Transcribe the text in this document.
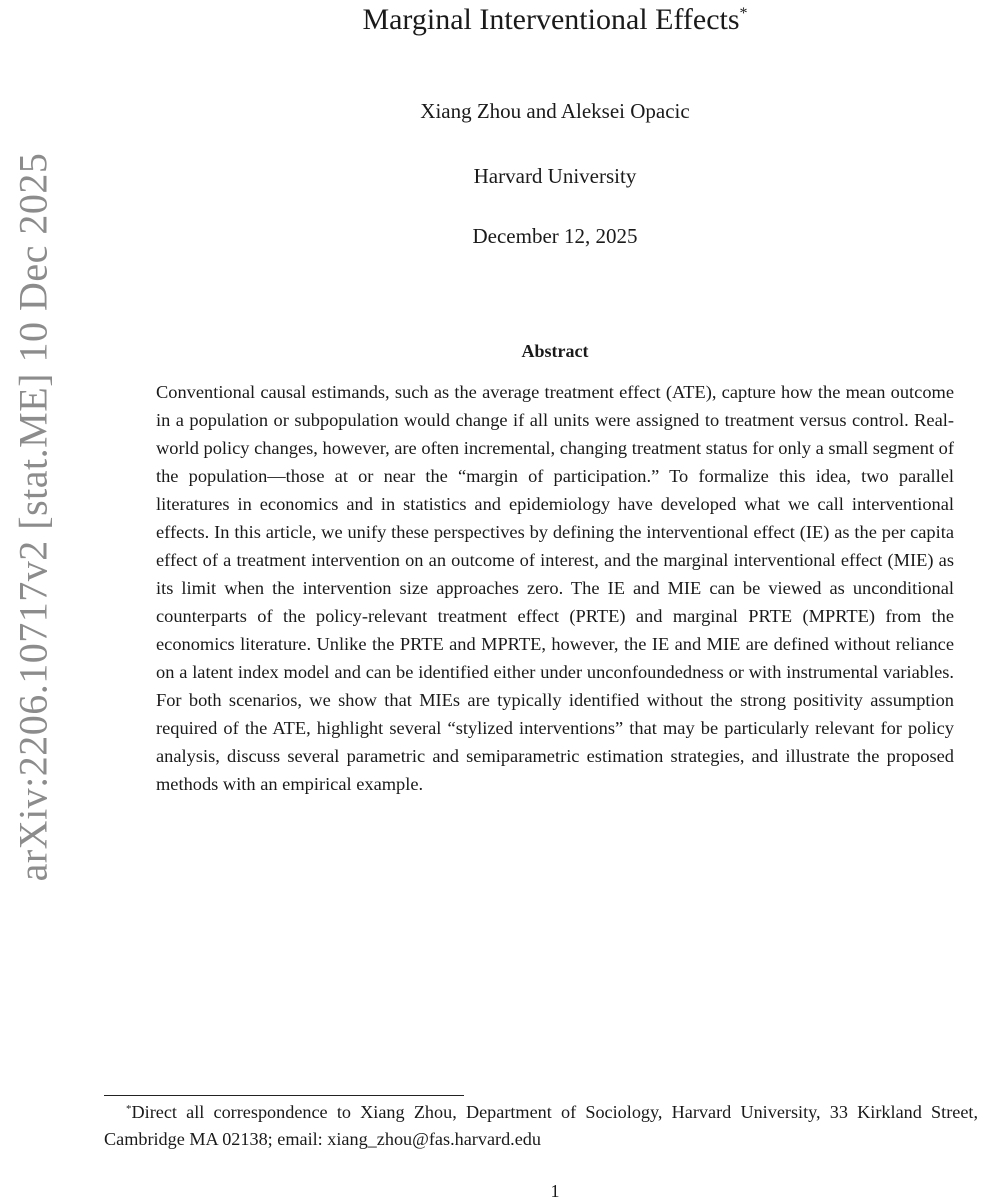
arXiv:2206.10717v2 [stat.ME] 10 Dec 2025
Marginal Interventional Effects*
Xiang Zhou and Aleksei Opacic
Harvard University
December 12, 2025
Abstract

Conventional causal estimands, such as the average treatment effect (ATE), capture how the mean outcome in a population or subpopulation would change if all units were assigned to treatment versus control. Real-world policy changes, however, are often incremental, changing treatment status for only a small segment of the population—those at or near the “margin of participation.” To formalize this idea, two parallel literatures in economics and in statistics and epidemiology have developed what we call interventional effects. In this article, we unify these perspectives by defining the interventional effect (IE) as the per capita effect of a treatment intervention on an outcome of interest, and the marginal interventional effect (MIE) as its limit when the intervention size approaches zero. The IE and MIE can be viewed as unconditional counterparts of the policy-relevant treatment effect (PRTE) and marginal PRTE (MPRTE) from the economics literature. Unlike the PRTE and MPRTE, however, the IE and MIE are defined without reliance on a latent index model and can be identified either under unconfoundedness or with instrumental variables. For both scenarios, we show that MIEs are typically identified without the strong positivity assumption required of the ATE, highlight several “stylized interventions” that may be particularly relevant for policy analysis, discuss several parametric and semiparametric estimation strategies, and illustrate the proposed methods with an empirical example.

*Direct all correspondence to Xiang Zhou, Department of Sociology, Harvard University, 33 Kirkland Street, Cambridge MA 02138; email: xiang_zhou@fas.harvard.edu

1
